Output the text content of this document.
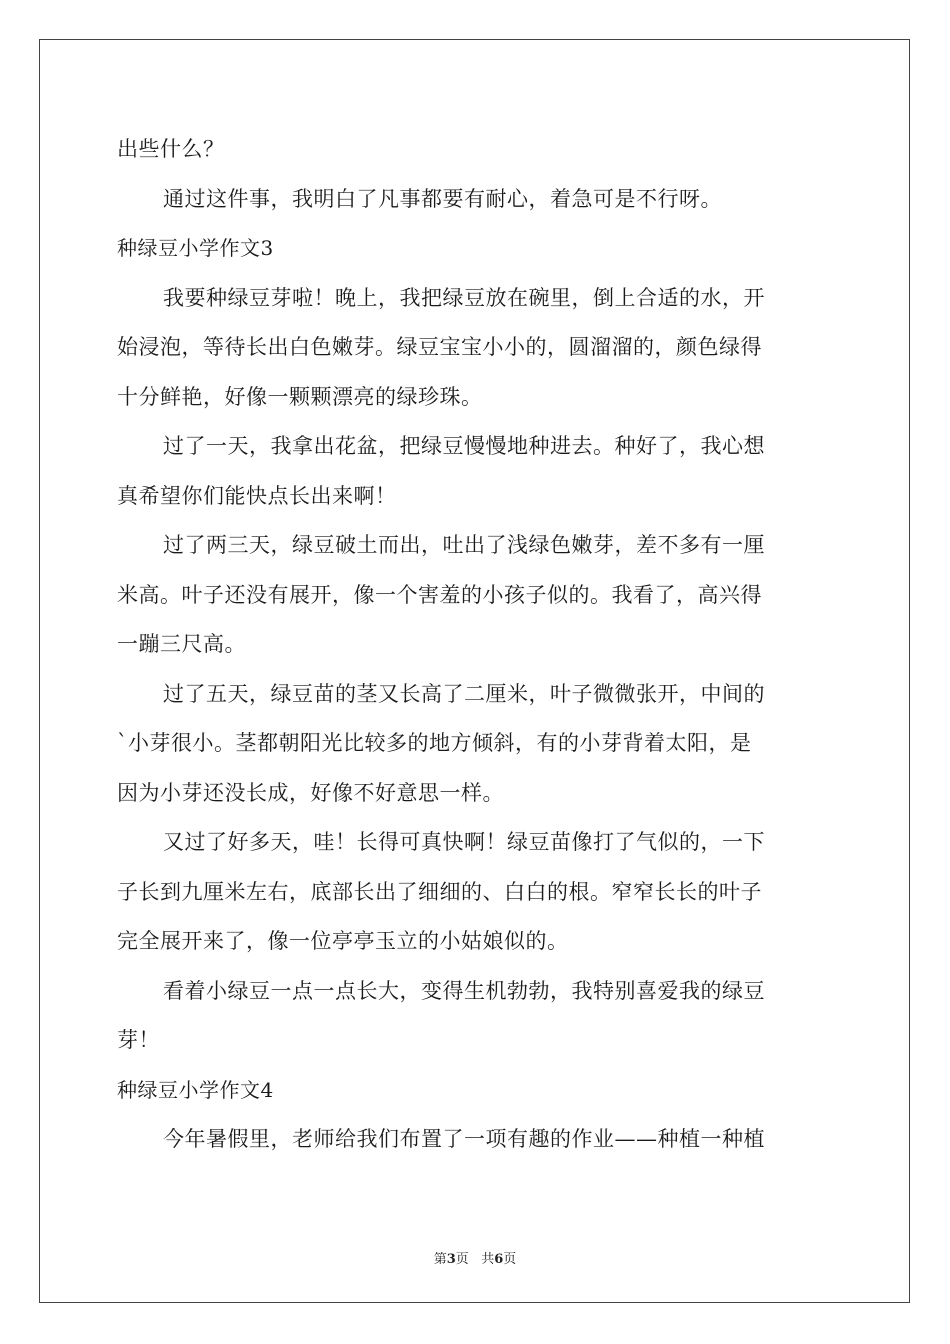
出些什么？
通过这件事，我明白了凡事都要有耐心，着急可是不行呀。
种绿豆小学作文3
我要种绿豆芽啦！晚上，我把绿豆放在碗里，倒上合适的水，开
始浸泡，等待长出白色嫩芽。绿豆宝宝小小的，圆溜溜的，颜色绿得
十分鲜艳，好像一颗颗漂亮的绿珍珠。
过了一天，我拿出花盆，把绿豆慢慢地种进去。种好了，我心想
真希望你们能快点长出来啊！
过了两三天，绿豆破土而出，吐出了浅绿色嫩芽，差不多有一厘
米高。叶子还没有展开，像一个害羞的小孩子似的。我看了，高兴得
一蹦三尺高。
过了五天，绿豆苗的茎又长高了二厘米，叶子微微张开，中间的
`小芽很小。茎都朝阳光比较多的地方倾斜，有的小芽背着太阳，是
因为小芽还没长成，好像不好意思一样。
又过了好多天，哇！长得可真快啊！绿豆苗像打了气似的，一下
子长到九厘米左右，底部长出了细细的、白白的根。窄窄长长的叶子
完全展开来了，像一位亭亭玉立的小姑娘似的。
看着小绿豆一点一点长大，变得生机勃勃，我特别喜爱我的绿豆
芽！
种绿豆小学作文4
今年暑假里，老师给我们布置了一项有趣的作业——种植一种植
第3页 共6页
